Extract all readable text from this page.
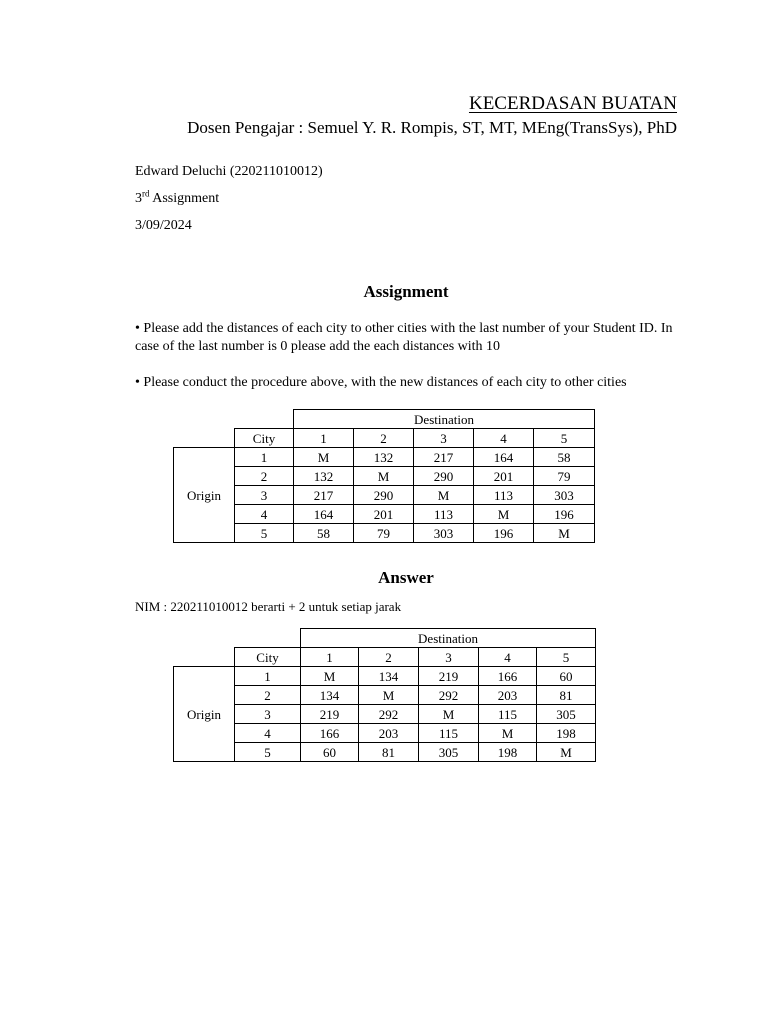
KECERDASAN BUATAN

Dosen Pengajar : Semuel Y. R. Rompis, ST, MT, MEng(TransSys), PhD

Edward Deluchi (220211010012)

3rd Assignment

3/09/2024

Assignment

• Please add the distances of each city to other cities with the last number of your Student ID. In case of the last number is 0 please add the each distances with 10

• Please conduct the procedure above, with the new distances of each city to other cities

		Destination				
	City	1	2	3	4	5
Origin	1	M	132	217	164	58
	2	132	M	290	201	79
	3	217	290	M	113	303
	4	164	201	113	M	196
	5	58	79	303	196	M

Answer

NIM : 220211010012 berarti + 2 untuk setiap jarak

		Destination				
	City	1	2	3	4	5
Origin	1	M	134	219	166	60
	2	134	M	292	203	81
	3	219	292	M	115	305
	4	166	203	115	M	198
	5	60	81	305	198	M
